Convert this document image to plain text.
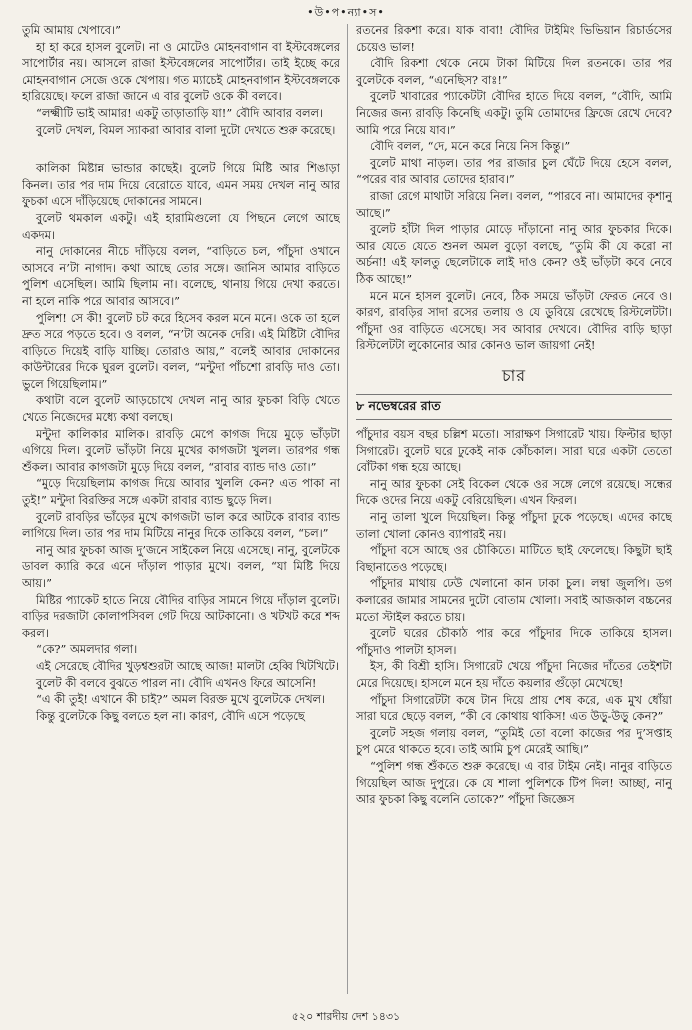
•উ•প•ন্যা•স•

তুমি আমায় খেপাবে।”

হা হা করে হাসল বুলেট। না ও মোটেও মোহনবাগান বা ইস্টবেঙ্গলের সাপোর্টার নয়। আসলে রাজা ইস্টবেঙ্গলের সাপোর্টার। তাই ইচ্ছে করে মোহনবাগান সেজে ওকে খেপায়। গত ম্যাচেই মোহনবাগান ইস্টবেঙ্গলকে হারিয়েছে। ফলে রাজা জানে এ বার বুলেট ওকে কী বলবে।

“লক্ষ্মীটি ভাই আমার! একটু তাড়াতাড়ি যা!” বৌদি আবার বলল।

বুলেট দেখল, বিমল স্যাকরা আবার বালা দুটো দেখতে শুরু করেছে।

কালিকা মিষ্টান্ন ভান্ডার কাছেই। বুলেট গিয়ে মিষ্টি আর শিঙাড়া কিনল। তার পর দাম দিয়ে বেরোতে যাবে, এমন সময় দেখল নানু আর ফুচকা এসে দাঁড়িয়েছে দোকানের সামনে।

বুলেট থমকাল একটু। এই হারামিগুলো যে পিছনে লেগে আছে একদম।

নানু দোকানের নীচে দাঁড়িয়ে বলল, “বাড়িতে চল, পাঁচুদা ওখানে আসবে ন’টা নাগাদ। কথা আছে তোর সঙ্গে। জানিস আমার বাড়িতে পুলিশ এসেছিল। আমি ছিলাম না। বলেছে, থানায় গিয়ে দেখা করতে। না হলে নাকি পরে আবার আসবে।”

পুলিশ! সে কী! বুলেট চট করে হিসেব করল মনে মনে। ওকে তা হলে দ্রুত সরে পড়তে হবে। ও বলল, “ন’টা অনেক দেরি। এই মিষ্টিটা বৌদির বাড়িতে দিয়েই বাড়ি যাচ্ছি। তোরাও আয়,” বলেই আবার দোকানের কাউন্টারের দিকে ঘুরল বুলেট। বলল, “মন্টুদা পাঁচশো রাবড়ি দাও তো। ভুলে গিয়েছিলাম।”

কথাটা বলে বুলেট আড়চোখে দেখল নানু আর ফুচকা বিড়ি খেতে খেতে নিজেদের মধ্যে কথা বলছে।

মন্টুদা কালিকার মালিক। রাবড়ি মেপে কাগজ দিয়ে মুড়ে ভাঁড়টা এগিয়ে দিল। বুলেট ভাঁড়টা নিয়ে মুখের কাগজটা খুলল। তারপর গন্ধ শুঁকল। আবার কাগজটা মুড়ে দিয়ে বলল, “রাবার ব্যান্ড দাও তো।”

“মুড়ে দিয়েছিলাম কাগজ দিয়ে আবার খুললি কেন? এত পাকা না তুই!” মন্টুদা বিরক্তির সঙ্গে একটা রাবার ব্যান্ড ছুড়ে দিল।

বুলেট রাবড়ির ভাঁড়ের মুখে কাগজটা ভাল করে আটকে রাবার ব্যান্ড লাগিয়ে দিল। তার পর দাম মিটিয়ে নানুর দিকে তাকিয়ে বলল, “চল।”

নানু আর ফুচকা আজ দু’জনে সাইকেল নিয়ে এসেছে। নানু, বুলেটকে ডাবল ক্যারি করে এনে দাঁড়াল পাড়ার মুখে। বলল, “যা মিষ্টি দিয়ে আয়।”

মিষ্টির প্যাকেট হাতে নিয়ে বৌদির বাড়ির সামনে গিয়ে দাঁড়াল বুলেট। বাড়ির দরজাটা কোলাপসিবল গেট দিয়ে আটকানো। ও খটখট করে শব্দ করল।

“কে?” অমলদার গলা।

এই সেরেছে বৌদির খুড়শ্বশুরটা আছে আজ! মালটা হেব্বি খিটখিটে।

বুলেট কী বলবে বুঝতে পারল না। বৌদি এখনও ফিরে আসেনি!

“এ কী তুই! এখানে কী চাই?” অমল বিরক্ত মুখে বুলেটকে দেখল।

কিন্তু বুলেটকে কিছু বলতে হল না। কারণ, বৌদি এসে পড়েছে

রতনের রিকশা করে। যাক বাবা! বৌদির টাইমিং ভিভিয়ান রিচার্ডসের চেয়েও ভাল!

বৌদি রিকশা থেকে নেমে টাকা মিটিয়ে দিল রতনকে। তার পর বুলেটকে বলল, “এনেছিস? বাঃ!”

বুলেট খাবারের প্যাকেটটা বৌদির হাতে দিয়ে বলল, “বৌদি, আমি নিজের জন্য রাবড়ি কিনেছি একটু। তুমি তোমাদের ফ্রিজে রেখে দেবে? আমি পরে নিয়ে যাব।”

বৌদি বলল, “দে, মনে করে নিয়ে নিস কিন্তু।”

বুলেট মাথা নাড়ল। তার পর রাজার চুল ঘেঁটে দিয়ে হেসে বলল, “পরের বার আবার তোদের হারাব।”

রাজা রেগে মাথাটা সরিয়ে নিল। বলল, “পারবে না। আমাদের কৃশানু আছে।”

বুলেট হাঁটা দিল পাড়ার মোড়ে দাঁড়ানো নানু আর ফুচকার দিকে। আর যেতে যেতে শুনল অমল বুড়ো বলছে, “তুমি কী যে করো না অর্চনা! এই ফালতু ছেলেটাকে লাই দাও কেন? ওই ভাঁড়টা কবে নেবে ঠিক আছে!”

মনে মনে হাসল বুলেট। নেবে, ঠিক সময়ে ভাঁড়টা ফেরত নেবে ও। কারণ, রাবড়ির সাদা রসের তলায় ও যে ডুবিয়ে রেখেছে রিস্টলেটটা। পাঁচুদা ওর বাড়িতে এসেছে। সব আবার দেখবে। বৌদির বাড়ি ছাড়া রিস্টলেটটা লুকোনোর আর কোনও ভাল জায়গা নেই!

চার
৮ নভেম্বরের রাত

পাঁচুদার বয়স বছর চল্লিশ মতো। সারাক্ষণ সিগারেট খায়। ফিল্টার ছাড়া সিগারেট। বুলেট ঘরে ঢুকেই নাক কোঁচকাল। সারা ঘরে একটা তেতো বোঁটকা গন্ধ হয়ে আছে।

নানু আর ফুচকা সেই বিকেল থেকে ওর সঙ্গে লেগে রয়েছে। সন্ধের দিকে ওদের নিয়ে একটু বেরিয়েছিল। এখন ফিরল।

নানু তালা খুলে দিয়েছিল। কিন্তু পাঁচুদা ঢুকে পড়েছে। এদের কাছে তালা খোলা কোনও ব্যাপারই নয়।

পাঁচুদা বসে আছে ওর চৌকিতে। মাটিতে ছাই ফেলেছে। কিছুটা ছাই বিছানাতেও পড়েছে।

পাঁচুদার মাথায় ঢেউ খেলানো কান ঢাকা চুল। লম্বা জুলপি। ডগ কলারের জামার সামনের দুটো বোতাম খোলা। সবাই আজকাল বচ্চনের মতো স্টাইল করতে চায়।

বুলেট ঘরের চৌকাঠ পার করে পাঁচুদার দিকে তাকিয়ে হাসল। পাঁচুদাও পালটা হাসল।

ইস, কী বিশ্রী হাসি। সিগারেট খেয়ে পাঁচুদা নিজের দাঁতের তেইশটা মেরে দিয়েছে। হাসলে মনে হয় দাঁতে কয়লার গুঁড়ো মেখেছে!

পাঁচুদা সিগারেটটা কষে টান দিয়ে প্রায় শেষ করে, এক মুখ ধোঁয়া সারা ঘরে ছেড়ে বলল, “কী বে কোথায় থাকিস! এত উড়ু-উড়ু কেন?”

বুলেট সহজ গলায় বলল, “তুমিই তো বলো কাজের পর দু’সপ্তাহ চুপ মেরে থাকতে হবে। তাই আমি চুপ মেরেই আছি।”

“পুলিশ গন্ধ শুঁকতে শুরু করেছে। এ বার টাইম নেই। নানুর বাড়িতে গিয়েছিল আজ দুপুরে। কে যে শালা পুলিশকে টিপ দিল! আচ্ছা, নানু আর ফুচকা কিছু বলেনি তোকে?” পাঁচুদা জিজ্ঞেস

৫২০ শারদীয় দেশ ১৪৩১
